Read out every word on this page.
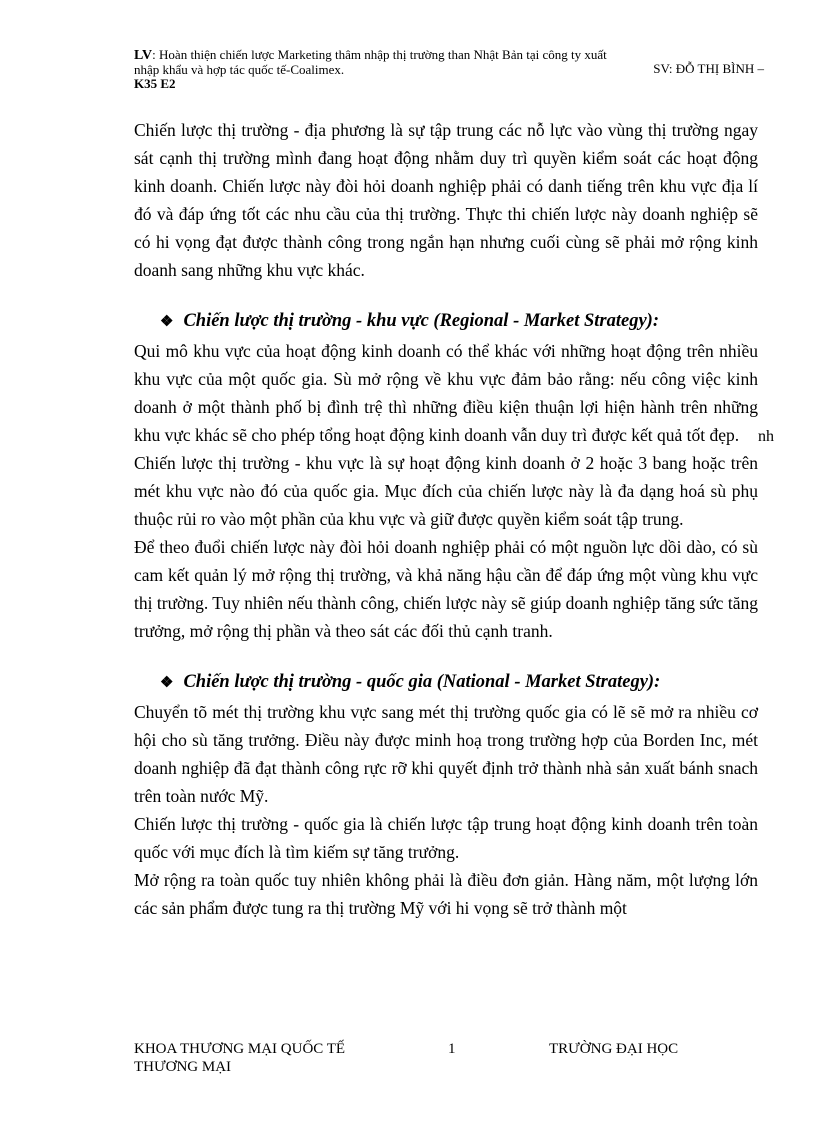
LV: Hoàn thiện chiến lược Marketing thâm nhập thị trường than Nhật Bản tại công ty xuất
nhập khẩu và hợp tác quốc tế-Coalimex.	SV: ĐỖ THỊ BÌNH –
K35 E2

Chiến lược thị trường - địa phương là sự tập trung các nỗ lực vào vùng thị trường ngay sát cạnh thị trường mình đang hoạt động nhằm duy trì quyền kiểm soát các hoạt động kinh doanh. Chiến lược này đòi hỏi doanh nghiệp phải có danh tiếng trên khu vực địa lí đó và đáp ứng tốt các nhu cầu của thị trường. Thực thi chiến lược này doanh nghiệp sẽ có hi vọng đạt được thành công trong ngắn hạn nhưng cuối cùng sẽ phải mở rộng kinh doanh sang những khu vực khác.

❖ Chiến lược thị trường - khu vực (Regional - Market Strategy):

Qui mô khu vực của hoạt động kinh doanh có thể khác với những hoạt động trên nhiều khu vực của một quốc gia. Sù mở rộng về khu vực đảm bảo rằng: nếu công việc kinh doanh ở một thành phố bị đình trệ thì những điều kiện thuận lợi hiện hành trên những khu vực khác sẽ cho phép tổng hoạt động kinh doanh vẫn duy trì được kết quả tốt đẹp.

Chiến lược thị trường - khu vực là sự hoạt động kinh doanh ở 2 hoặc 3 bang hoặc trên mét khu vực nào đó của quốc gia. Mục đích của chiến lược này là đa dạng hoá sù phụ thuộc rủi ro vào một phần của khu vực và giữ được quyền kiểm soát tập trung.

Để theo đuổi chiến lược này đòi hỏi doanh nghiệp phải có một nguồn lực dồi dào, có sù cam kết quản lý mở rộng thị trường, và khả năng hậu cần để đáp ứng một vùng khu vực thị trường. Tuy nhiên nếu thành công, chiến lược này sẽ giúp doanh nghiệp tăng sức tăng trưởng, mở rộng thị phần và theo sát các đối thủ cạnh tranh.

❖ Chiến lược thị trường - quốc gia (National - Market Strategy):

Chuyển tõ mét thị trường khu vực sang mét thị trường quốc gia có lẽ sẽ mở ra nhiều cơ hội cho sù tăng trưởng. Điều này được minh hoạ trong trường hợp của Borden Inc, mét doanh nghiệp đã đạt thành công rực rỡ khi quyết định trở thành nhà sản xuất bánh snach trên toàn nước Mỹ.

Chiến lược thị trường - quốc gia là chiến lược tập trung hoạt động kinh doanh trên toàn quốc với mục đích là tìm kiếm sự tăng trưởng.

Mở rộng ra toàn quốc tuy nhiên không phải là điều đơn giản. Hàng năm, một lượng lớn các sản phẩm được tung ra thị trường Mỹ với hi vọng sẽ trở thành một

nh
KHOA THƯƠNG MẠI QUỐC TẾ THƯƠNG MẠI
1	TRƯỜNG ĐẠI HỌC
